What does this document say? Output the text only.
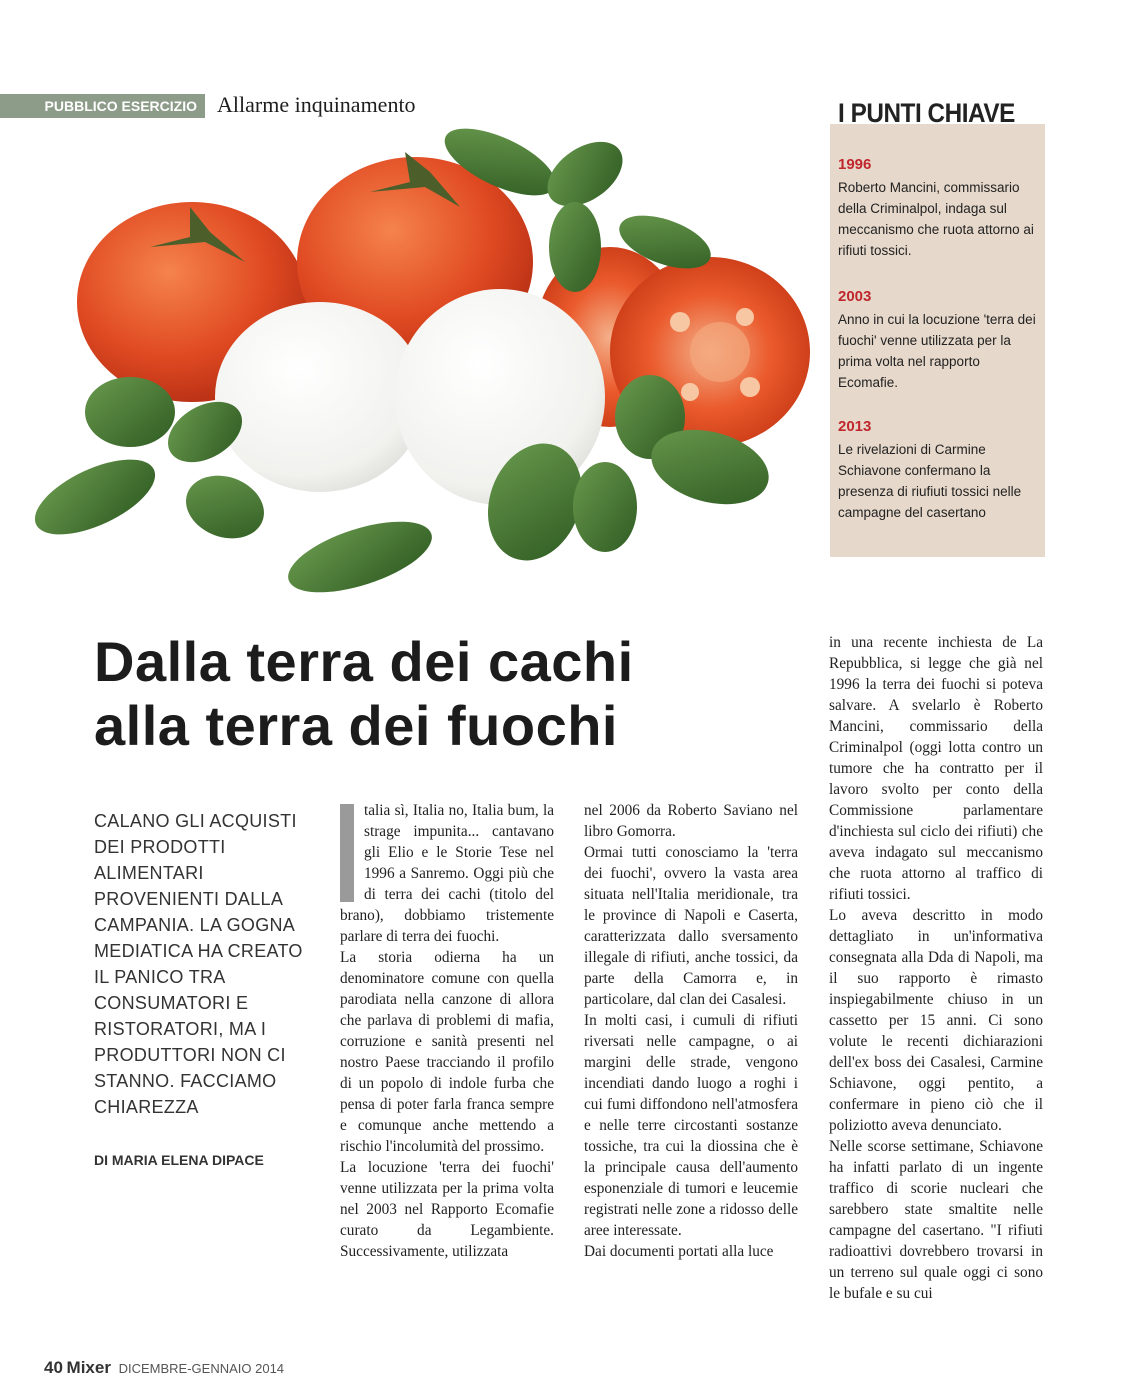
PUBBLICO ESERCIZIO Allarme inquinamento	I PUNTI CHIAVE
1996
Roberto Mancini, commissario della Criminalpol, indaga sul meccanismo che ruota attorno ai rifiuti tossici.
2003
Anno in cui la locuzione 'terra dei fuochi' venne utilizzata per la prima volta nel rapporto Ecomafie.
2013
Le rivelazioni di Carmine Schiavone confermano la presenza di riufiuti tossici nelle campagne del casertano
Dalla terra dei cachi
alla terra dei fuochi
CALANO GLI ACQUISTI DEI PRODOTTI ALIMENTARI PROVENIENTI DALLA CAMPANIA. LA GOGNA MEDIATICA HA CREATO IL PANICO TRA CONSUMATORI E RISTORATORI, MA I PRODUTTORI NON CI STANNO. FACCIAMO CHIAREZZA
DI MARIA ELENA DIPACE

talia sì, Italia no, Italia bum, la strage impunita... cantavano gli Elio e le Storie Tese nel 1996 a Sanremo. Oggi più che di terra dei cachi (titolo del brano), dobbiamo tristemente parlare di terra dei fuochi.

La storia odierna ha un denominatore comune con quella parodiata nella canzone di allora che parlava di problemi di mafia, corruzione e sanità presenti nel nostro Paese tracciando il profilo di un popolo di indole furba che pensa di poter farla franca sempre e comunque anche mettendo a rischio l'incolumità del prossimo.

La locuzione 'terra dei fuochi' venne utilizzata per la prima volta nel 2003 nel Rapporto Ecomafie curato da Legambiente. Successivamente, utilizzata

nel 2006 da Roberto Saviano nel libro Gomorra.

Ormai tutti conosciamo la 'terra dei fuochi', ovvero la vasta area situata nell'Italia meridionale, tra le province di Napoli e Caserta, caratterizzata dallo sversamento illegale di rifiuti, anche tossici, da parte della Camorra e, in particolare, dal clan dei Casalesi.

In molti casi, i cumuli di rifiuti riversati nelle campagne, o ai margini delle strade, vengono incendiati dando luogo a roghi i cui fumi diffondono nell'atmosfera e nelle terre circostanti sostanze tossiche, tra cui la diossina che è la principale causa dell'aumento esponenziale di tumori e leucemie registrati nelle zone a ridosso delle aree interessate.

Dai documenti portati alla luce

in una recente inchiesta de La Repubblica, si legge che già nel 1996 la terra dei fuochi si poteva salvare. A svelarlo è Roberto Mancini, commissario della Criminalpol (oggi lotta contro un tumore che ha contratto per il lavoro svolto per conto della Commissione parlamentare d'inchiesta sul ciclo dei rifiuti) che aveva indagato sul meccanismo che ruota attorno al traffico di rifiuti tossici.

Lo aveva descritto in modo dettagliato in un'informativa consegnata alla Dda di Napoli, ma il suo rapporto è rimasto inspiegabilmente chiuso in un cassetto per 15 anni. Ci sono volute le recenti dichiarazioni dell'ex boss dei Casalesi, Carmine Schiavone, oggi pentito, a confermare in pieno ciò che il poliziotto aveva denunciato.

Nelle scorse settimane, Schiavone ha infatti parlato di un ingente traffico di scorie nucleari che sarebbero state smaltite nelle campagne del casertano. "I rifiuti radioattivi dovrebbero trovarsi in un terreno sul quale oggi ci sono le bufale e su cui

40 Mixer DICEMBRE-GENNAIO 2014
